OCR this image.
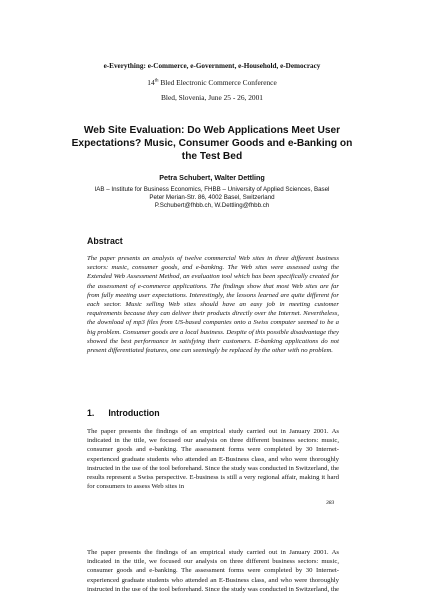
e-Everything: e-Commerce, e-Government, e-Household, e-Democracy
14th Bled Electronic Commerce Conference
Bled, Slovenia, June 25 - 26, 2001
Web Site Evaluation: Do Web Applications Meet User Expectations? Music, Consumer Goods and e-Banking on the Test Bed
Petra Schubert, Walter Dettling
IAB – Institute for Business Economics, FHBB – University of Applied Sciences, Basel
Peter Merian-Str. 86, 4002 Basel, Switzerland
P.Schubert@fhbb.ch, W.Dettling@fhbb.ch
Abstract
The paper presents an analysis of twelve commercial Web sites in three different business sectors: music, consumer goods, and e-banking. The Web sites were assessed using the Extended Web Assessment Method, an evaluation tool which has been specifically created for the assessment of e-commerce applications. The findings show that most Web sites are far from fully meeting user expectations. Interestingly, the lessons learned are quite different for each sector. Music selling Web sites should have an easy job in meeting customer requirements because they can deliver their products directly over the Internet. Nevertheless, the download of mp3 files from US-based companies onto a Swiss computer seemed to be a big problem. Consumer goods are a local business. Despite of this possible disadvantage they showed the best performance in satisfying their customers. E-banking applications do not present differentiated features, one can seemingly be replaced by the other with no problem.
1. Introduction
The paper presents the findings of an empirical study carried out in January 2001. As indicated in the title, we focused our analysis on three different business sectors: music, consumer goods and e-banking. The assessment forms were completed by 30 Internet-experienced graduate students who attended an E-Business class, and who were thoroughly instructed in the use of the tool beforehand. Since the study was conducted in Switzerland, the results represent a Swiss perspective. E-business is still a very regional affair, making it hard for consumers to assess Web sites in
383
The paper presents the findings of an empirical study carried out in January 2001. As indicated in the title, we focused our analysis on three different business sectors: music, consumer goods and e-banking. The assessment forms were completed by 30 Internet-experienced graduate students who attended an E-Business class, and who were thoroughly instructed in the use of the tool beforehand. Since the study was conducted in Switzerland, the
